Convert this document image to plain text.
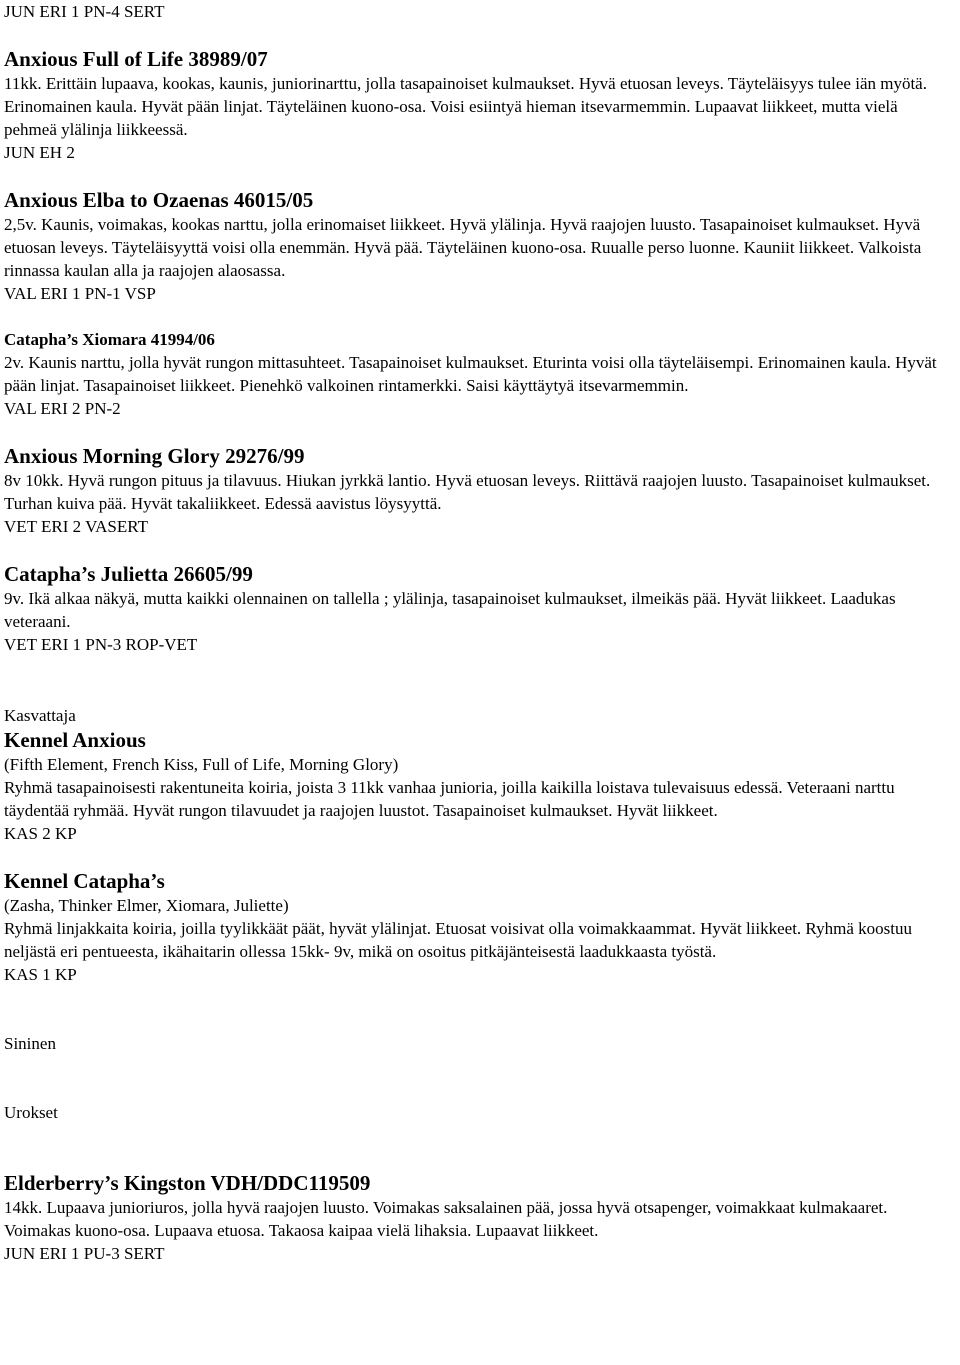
JUN ERI 1 PN-4 SERT
Anxious Full of Life 38989/07

11kk. Erittäin lupaava, kookas, kaunis, juniorinarttu, jolla tasapainoiset kulmaukset. Hyvä etuosan leveys. Täyteläisyys tulee iän myötä. Erinomainen kaula. Hyvät pään linjat. Täyteläinen kuono-osa. Voisi esiintyä hieman itsevarmemmin. Lupaavat liikkeet, mutta vielä pehmeä ylälinja liikkeessä.

JUN EH 2

Anxious Elba to Ozaenas 46015/05

2,5v. Kaunis, voimakas, kookas narttu, jolla erinomaiset liikkeet. Hyvä ylälinja. Hyvä raajojen luusto. Tasapainoiset kulmaukset. Hyvä etuosan leveys. Täyteläisyyttä voisi olla enemmän. Hyvä pää. Täyteläinen kuono-osa. Ruualle perso luonne. Kauniit liikkeet. Valkoista rinnassa kaulan alla ja raajojen alaosassa.

VAL ERI 1 PN-1 VSP

Catapha’s Xiomara 41994/06

2v. Kaunis narttu, jolla hyvät rungon mittasuhteet. Tasapainoiset kulmaukset. Eturinta voisi olla täyteläisempi. Erinomainen kaula. Hyvät pään linjat. Tasapainoiset liikkeet. Pienehkö valkoinen rintamerkki. Saisi käyttäytyä itsevarmemmin.

VAL ERI 2 PN-2

Anxious Morning Glory 29276/99

8v 10kk. Hyvä rungon pituus ja tilavuus. Hiukan jyrkkä lantio. Hyvä etuosan leveys. Riittävä raajojen luusto. Tasapainoiset kulmaukset. Turhan kuiva pää. Hyvät takaliikkeet. Edessä aavistus löysyyttä.

VET ERI 2 VASERT

Catapha’s Julietta 26605/99

9v. Ikä alkaa näkyä, mutta kaikki olennainen on tallella ; ylälinja, tasapainoiset kulmaukset, ilmeikäs pää. Hyvät liikkeet. Laadukas veteraani.

VET ERI 1 PN-3 ROP-VET

Kasvattaja
Kennel Anxious

(Fifth Element, French Kiss, Full of Life, Morning Glory)

Ryhmä tasapainoisesti rakentuneita koiria, joista 3 11kk vanhaa junioria, joilla kaikilla loistava tulevaisuus edessä. Veteraani narttu täydentää ryhmää. Hyvät rungon tilavuudet ja raajojen luustot. Tasapainoiset kulmaukset. Hyvät liikkeet.

KAS 2 KP

Kennel Catapha’s

(Zasha, Thinker Elmer, Xiomara, Juliette)

Ryhmä linjakkaita koiria, joilla tyylikkäät päät, hyvät ylälinjat. Etuosat voisivat olla voimakkaammat. Hyvät liikkeet. Ryhmä koostuu neljästä eri pentueesta, ikähaitarin ollessa 15kk- 9v, mikä on osoitus pitkäjänteisestä laadukkaasta työstä.

KAS 1 KP

Sininen
Urokset
Elderberry’s Kingston VDH/DDC119509

14kk. Lupaava junioriuros, jolla hyvä raajojen luusto. Voimakas saksalainen pää, jossa hyvä otsapenger, voimakkaat kulmakaaret. Voimakas kuono-osa. Lupaava etuosa. Takaosa kaipaa vielä lihaksia. Lupaavat liikkeet.

JUN ERI 1 PU-3 SERT
